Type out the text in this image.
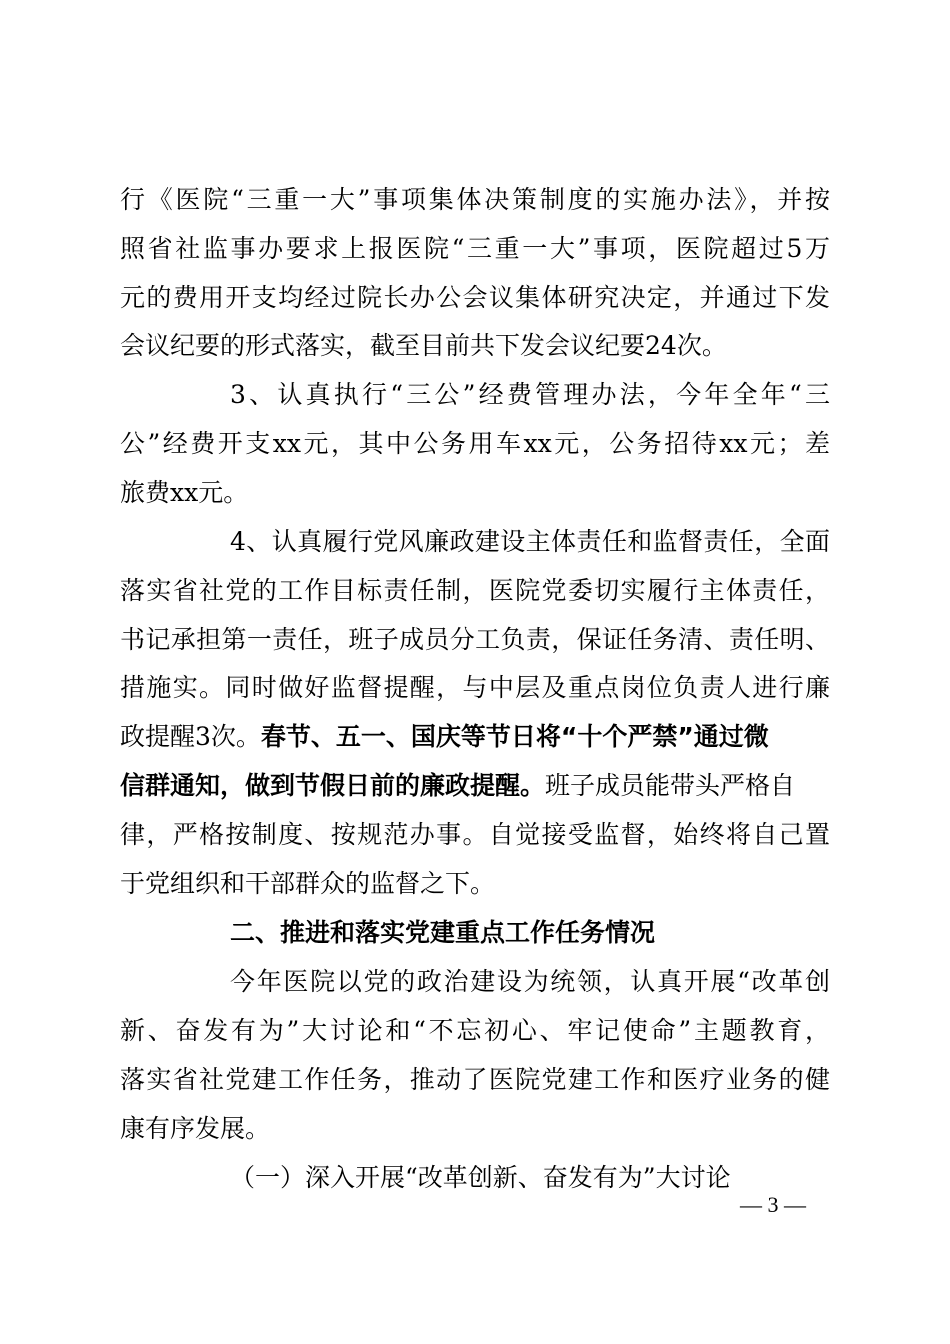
行《医院“三重一大”事项集体决策制度的实施办法》，并按
照省社监事办要求上报医院“三重一大”事项，医院超过5万
元的费用开支均经过院长办公会议集体研究决定，并通过下发
会议纪要的形式落实，截至目前共下发会议纪要24次。
3、认真执行“三公”经费管理办法，今年全年“三
公”经费开支xx元，其中公务用车xx元，公务招待xx元；差
旅费xx元。
4、认真履行党风廉政建设主体责任和监督责任，全面
落实省社党的工作目标责任制，医院党委切实履行主体责任，
书记承担第一责任，班子成员分工负责，保证任务清、责任明、
措施实。同时做好监督提醒，与中层及重点岗位负责人进行廉
政提醒3次。春节、五一、国庆等节日将“十个严禁”通过微
信群通知，做到节假日前的廉政提醒。班子成员能带头严格自
律，严格按制度、按规范办事。自觉接受监督，始终将自己置
于党组织和干部群众的监督之下。
二、推进和落实党建重点工作任务情况
今年医院以党的政治建设为统领，认真开展“改革创
新、奋发有为”大讨论和“不忘初心、牢记使命”主题教育，
落实省社党建工作任务，推动了医院党建工作和医疗业务的健
康有序发展。
（一）深入开展“改革创新、奋发有为”大讨论
— 3 —
